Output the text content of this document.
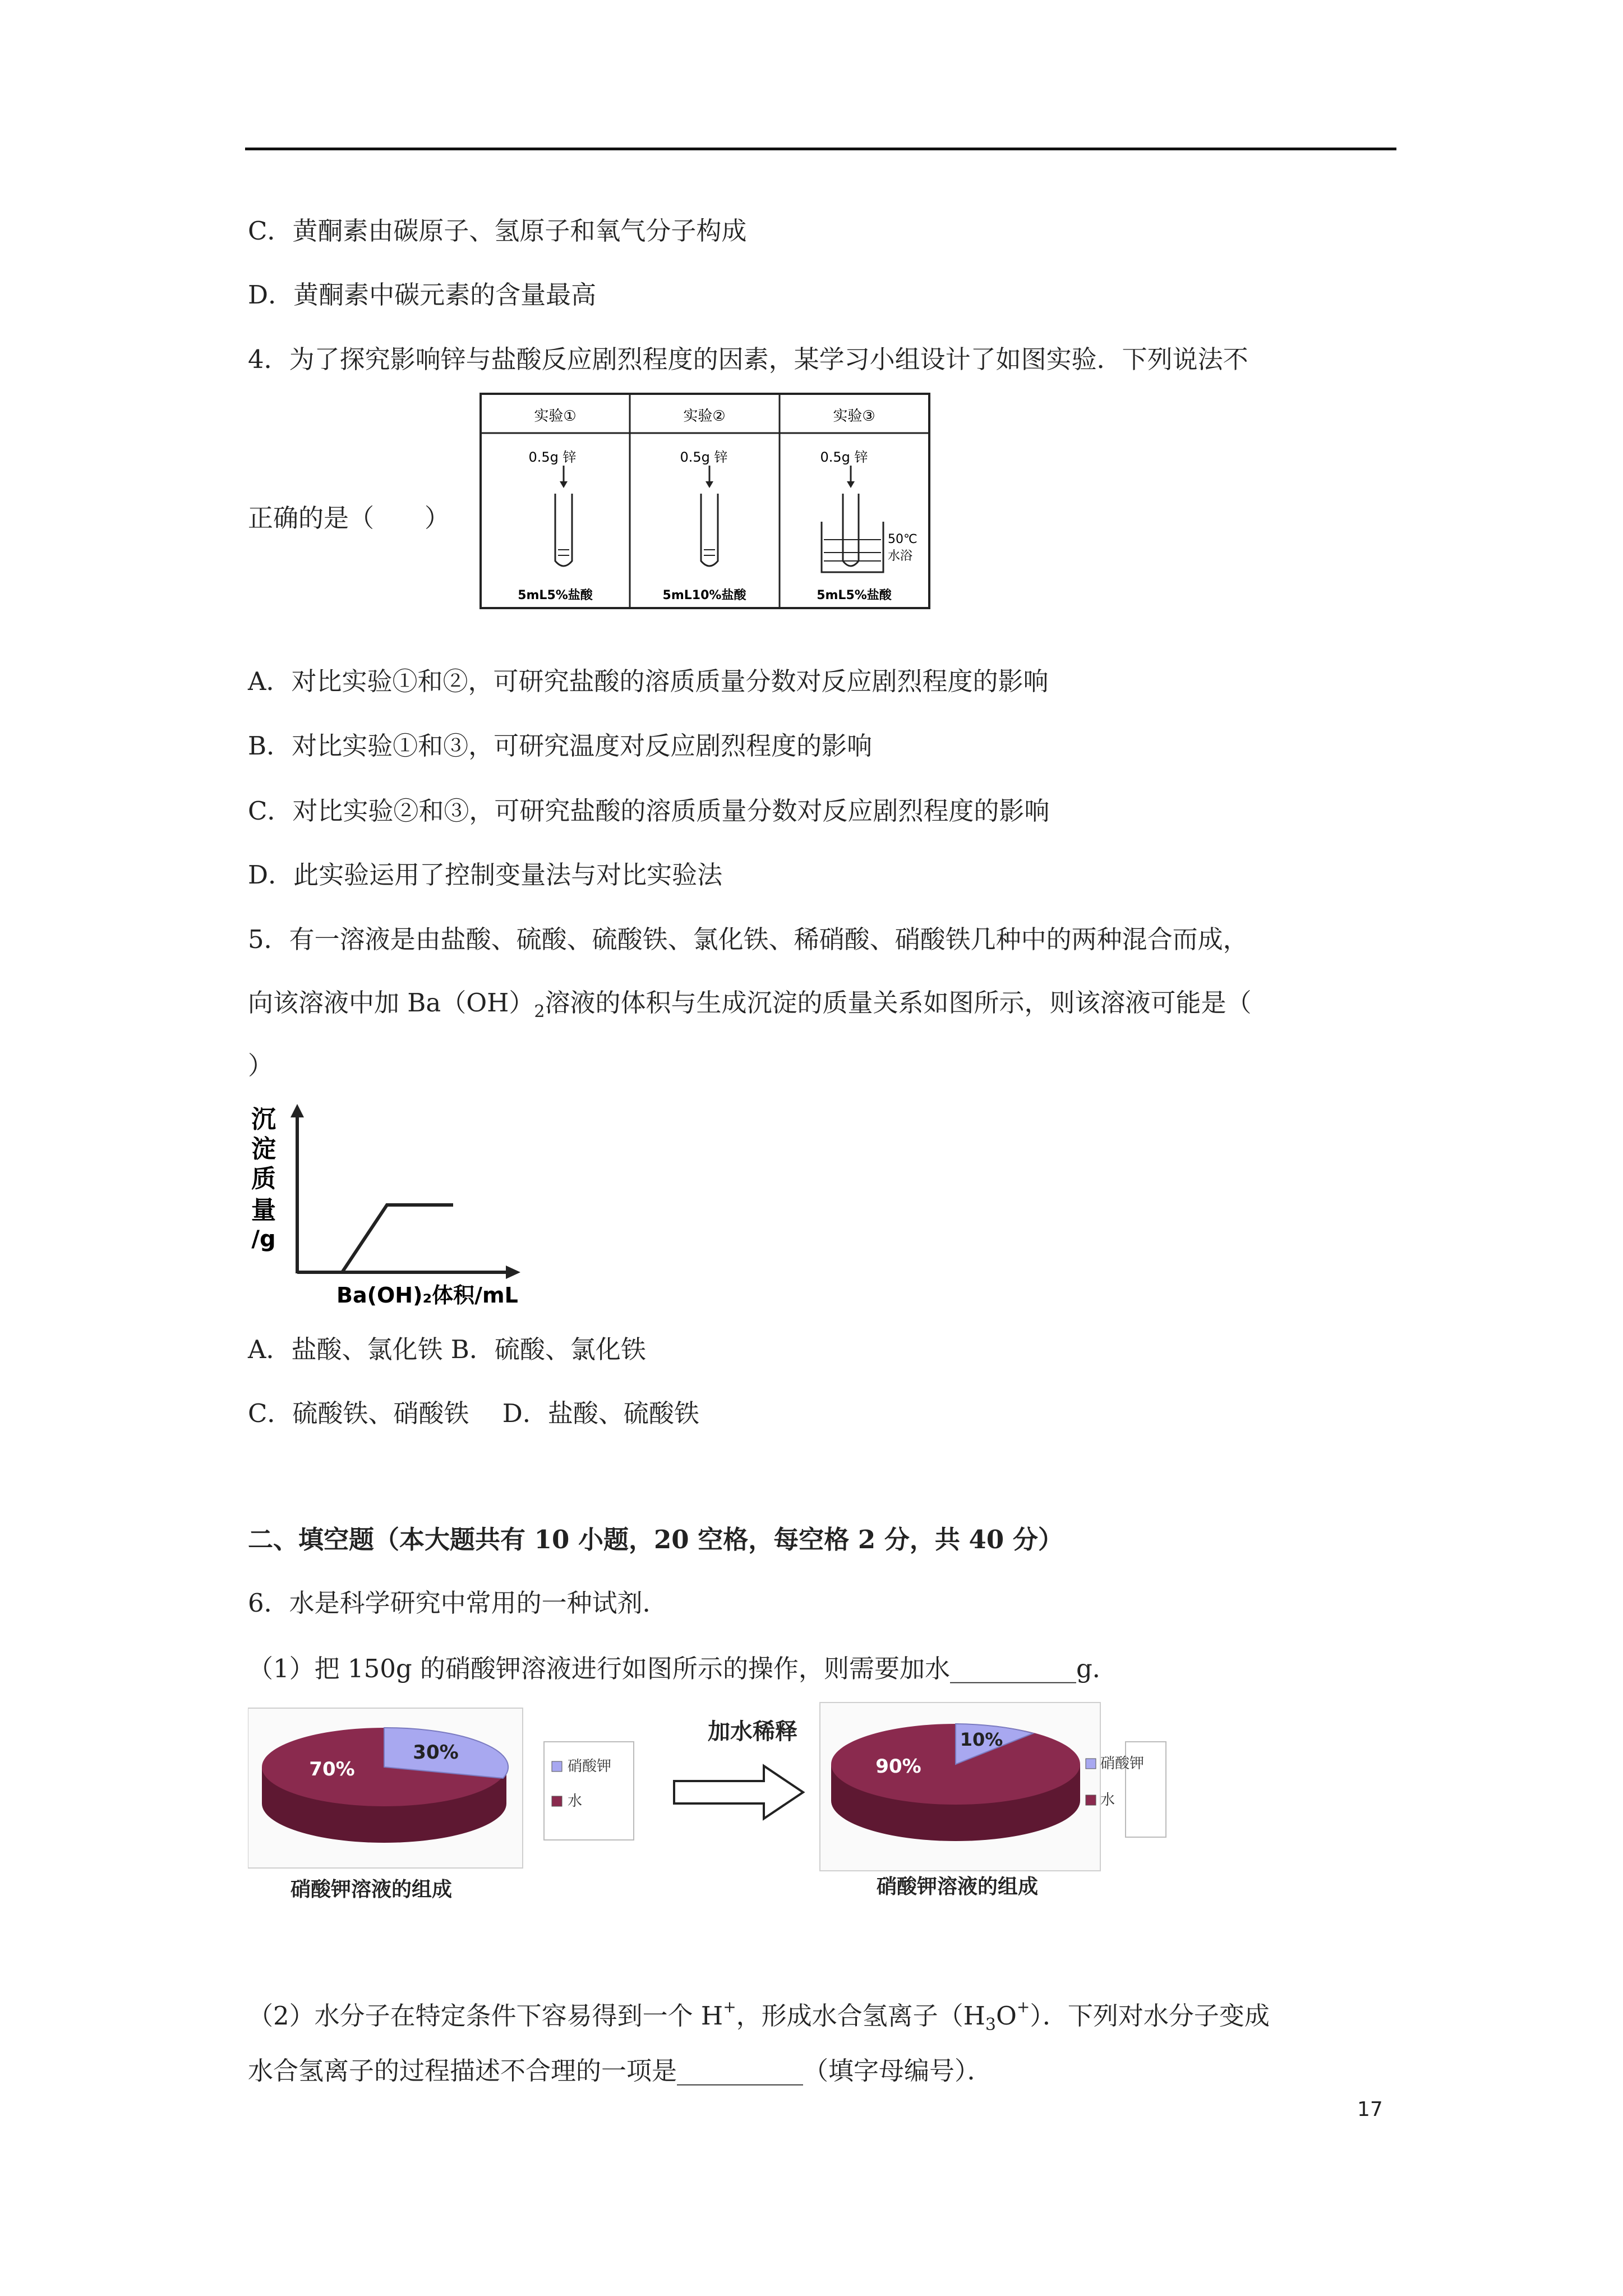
C．黄酮素由碳原子、氢原子和氧气分子构成
D．黄酮素中碳元素的含量最高
4．为了探究影响锌与盐酸反应剧烈程度的因素，某学习小组设计了如图实验．下列说法不
正确的是（　　）
实验①	实验②	实验③
0.5g 锌
5mL5%盐酸
0.5g 锌
5mL10%盐酸
0.5g 锌
50℃
水浴
5mL5%盐酸
A．对比实验①和②，可研究盐酸的溶质质量分数对反应剧烈程度的影响
B．对比实验①和③，可研究温度对反应剧烈程度的影响
C．对比实验②和③，可研究盐酸的溶质质量分数对反应剧烈程度的影响
D．此实验运用了控制变量法与对比实验法
5．有一溶液是由盐酸、硫酸、硫酸铁、氯化铁、稀硝酸、硝酸铁几种中的两种混合而成，
向该溶液中加 $Ba(OH)_2$溶液的体积与生成沉淀的质量关系如图所示，则该溶液可能是（
）
沉
淀
质
量
/g
Ba(OH)₂体积/mL
A．盐酸、氯化铁 B．硫酸、氯化铁
C．硫酸铁、硝酸铁　 D．盐酸、硫酸铁
二、填空题（本大题共有 10 小题，20 空格，每空格 2 分，共 40 分）
6．水是科学研究中常用的一种试剂．
（1）把 150g 的硝酸钾溶液进行如图所示的操作，则需要加水__________g．
70%
30%
硝酸钾溶液的组成
硝酸钾
水
加水稀释
90%
10%
硝酸钾溶液的组成
硝酸钾
水
（2）水分子在特定条件下容易得到一个 H+，形成水合氢离子$(H_3O^+)$．下列对水分子变成
水合氢离子的过程描述不合理的一项是__________（填字母编号）．
17
